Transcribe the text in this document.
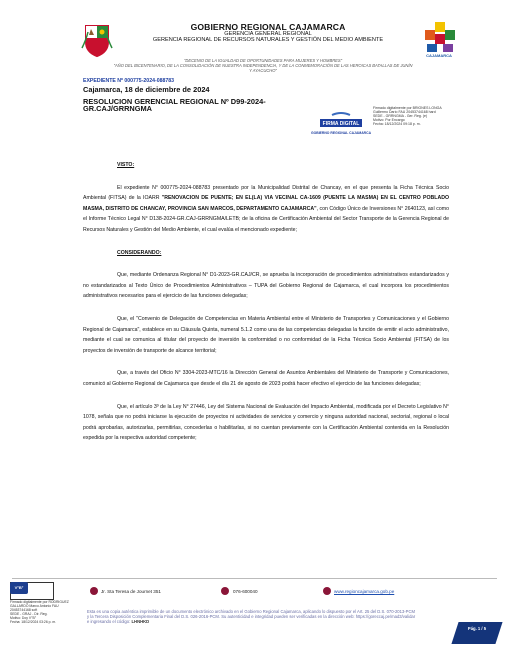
GOBIERNO REGIONAL CAJAMARCA
GERENCIA GENERAL REGIONAL
GERENCIA REGIONAL DE RECURSOS NATURALES Y GESTIÓN DEL MEDIO AMBIENTE
CAJAMARCA
"DECENIO DE LA IGUALDAD DE OPORTUNIDADES PARA MUJERES Y HOMBRES"
"AÑO DEL BICENTENARIO, DE LA CONSOLIDACIÓN DE NUESTRA INDEPENDENCIA, Y DE LA CONMEMORACIÓN DE LAS HEROICAS BATALLAS DE JUNÍN Y AYACUCHO"
EXPEDIENTE Nº 000775-2024-088783
Cajamarca, 18 de diciembre de 2024
RESOLUCION GERENCIAL REGIONAL Nº D99-2024-GR.CAJ/GRRNGMA
FIRMA DIGITAL
GOBIERNO REGIONAL CAJAMARCA
Firmado digitalmente por BRIONES LONGA
Guillermo Darío FAU 20453744168 hard
SEDE - GRRNGMA - Ger. Reg. (e)
Motivo: Por Encargo
Fecha: 18/12/2024 09:18 p. m.
VISTO:
El expediente N° 000775-2024-088783 presentado por la Municipalidad Distrital de Chancay, en el que presenta la Ficha Técnica Socio Ambiental (FITSA) de la IOARR "RENOVACION DE PUENTE; EN EL(LA) VIA VECINAL CA-1609 (PUENTE LA MASMA) EN EL CENTRO POBLADO MASMA, DISTRITO DE CHANCAY, PROVINCIA SAN MARCOS, DEPARTAMENTO CAJAMARCA", con Código Único de Inversiones N° 2640123, así como el Informe Técnico Legal N° D138-2024-GR.CAJ-GRRNGMA/LETB; de la oficina de Certificación Ambiental del Sector Transporte de la Gerencia Regional de Recursos Naturales y Gestión del Medio Ambiente, el cual evalúa el mencionado expediente;
CONSIDERANDO:
Que, mediante Ordenanza Regional N° D1-2023-GR.CAJ/CR, se aprueba la incorporación de procedimientos administrativos estandarizados y no estandarizados al Texto Único de Procedimientos Administrativos – TUPA del Gobierno Regional de Cajamarca, el cual incorpora los procedimientos administrativos necesarios para el ejercicio de las funciones delegadas;
Que, el "Convenio de Delegación de Competencias en Materia Ambiental entre el Ministerio de Transportes y Comunicaciones y el Gobierno Regional de Cajamarca", establece en su Cláusula Quinta, numeral 5.1.2 como una de las competencias delegadas la función de emitir el acto administrativo, mediante el cual se comunica al titular del proyecto de inversión la conformidad o no conformidad de la Ficha Técnica Socio Ambiental (FITSA) de los proyectos de inversión de transporte de alcance territorial;
Que, a través del Oficio N° 3304-2023-MTC/16 la Dirección General de Asuntos Ambientales del Ministerio de Transporte y Comunicaciones, comunicó al Gobierno Regional de Cajamarca que desde el día 21 de agosto de 2023 podrá hacer efectivo el ejercicio de las funciones delegadas;
Que, el artículo 3º de la Ley N° 27446, Ley del Sistema Nacional de Evaluación del Impacto Ambiental, modificada por el Decreto Legislativo N° 1078, señala que no podrá iniciarse la ejecución de proyectos ni actividades de servicios y comercio y ninguna autoridad nacional, sectorial, regional o local podrá aprobarlas, autorizarlas, permitirlas, concederlas o habilitarlas, si no cuentan previamente con la Certificación Ambiental contenida en la Resolución expedida por la respectiva autoridad competente;
V°B°
Firmado digitalmente por RODRIGUEZ GALLARDO Marco Antonio FAU 20453744168 soft
SEDE - GRAJ - Dir. Reg.
Motivo: Doy V°B°
Fecha: 18/12/2024 03:26 p. m.
Jr. Sta Teresa de Journet 351	076-600040	www.regioncajamarca.gob.pe
Esta es una copia auténtica imprimible de un documento electrónico archivado en el Gobierno Regional Cajamarca, aplicando lo dispuesto por el Art. 25 del D.S. 070-2013-PCM y la Tercera Disposición Complementaria Final del D.S. 026-2016-PCM. Su autenticidad e integridad pueden ser verificadas en la dirección web: https://goreccaj.pe/mad3/validar e ingresando el código: LHNHKD
Pág. 1 / 5
